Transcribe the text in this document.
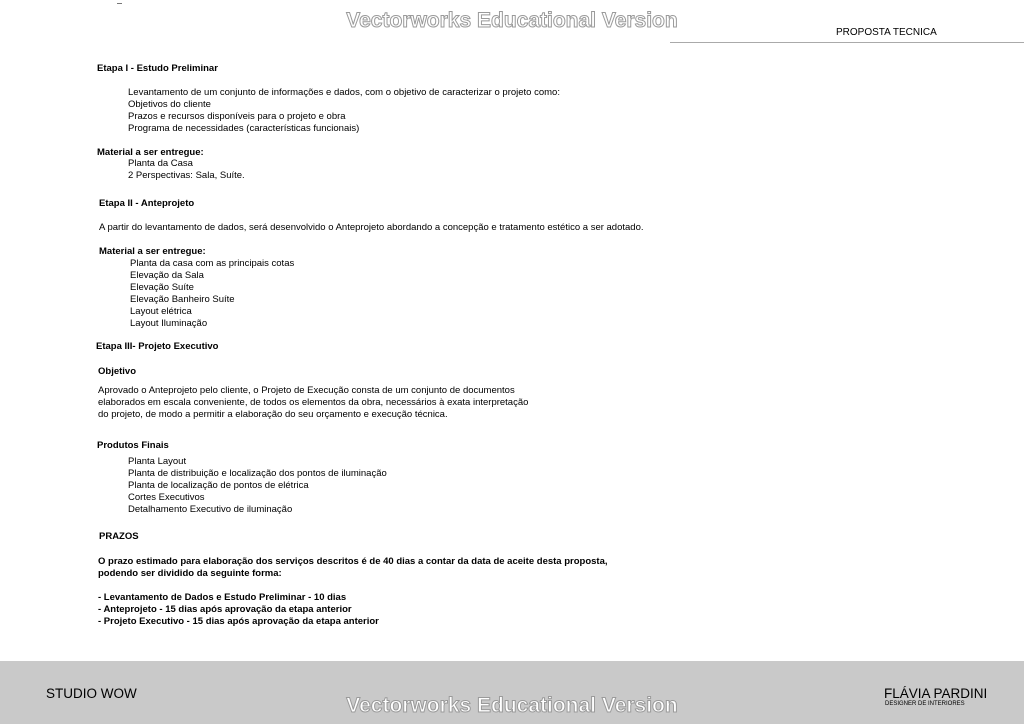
Vectorworks Educational Version
PROPOSTA TECNICA
Etapa I - Estudo Preliminar
Levantamento de um conjunto de informações e dados, com o objetivo de caracterizar o projeto como:
Objetivos do cliente
Prazos e recursos disponíveis para o projeto e obra
Programa de necessidades (características funcionais)
Material a ser entregue:
Planta da Casa
2 Perspectivas: Sala, Suíte.
Etapa II - Anteprojeto
A partir do levantamento de dados, será desenvolvido o Anteprojeto abordando a concepção e tratamento estético a ser adotado.
Material a ser entregue:
Planta da casa com as principais cotas
Elevação da Sala
Elevação Suíte
Elevação Banheiro Suíte
Layout elétrica
Layout Iluminação
Etapa III- Projeto Executivo
Objetivo
Aprovado o Anteprojeto pelo cliente, o Projeto de Execução consta de um conjunto de documentos
elaborados em escala conveniente, de todos os elementos da obra, necessários à exata interpretação
do projeto, de modo a permitir a elaboração do seu orçamento e execução técnica.
Produtos Finais
Planta Layout
Planta de distribuição e localização dos pontos de iluminação
Planta de localização de pontos de elétrica
Cortes Executivos
Detalhamento Executivo de iluminação
PRAZOS
O prazo estimado para elaboração dos serviços descritos é de 40 dias a contar da data de aceite desta proposta,
podendo ser dividido da seguinte forma:
- Levantamento de Dados e Estudo Preliminar - 10 dias
- Anteprojeto - 15 dias após aprovação da etapa anterior
- Projeto Executivo - 15 dias após aprovação da etapa anterior
STUDIO WOW
Vectorworks Educational Version
FLÁVIA PARDINI
DESIGNER DE INTERIORES
